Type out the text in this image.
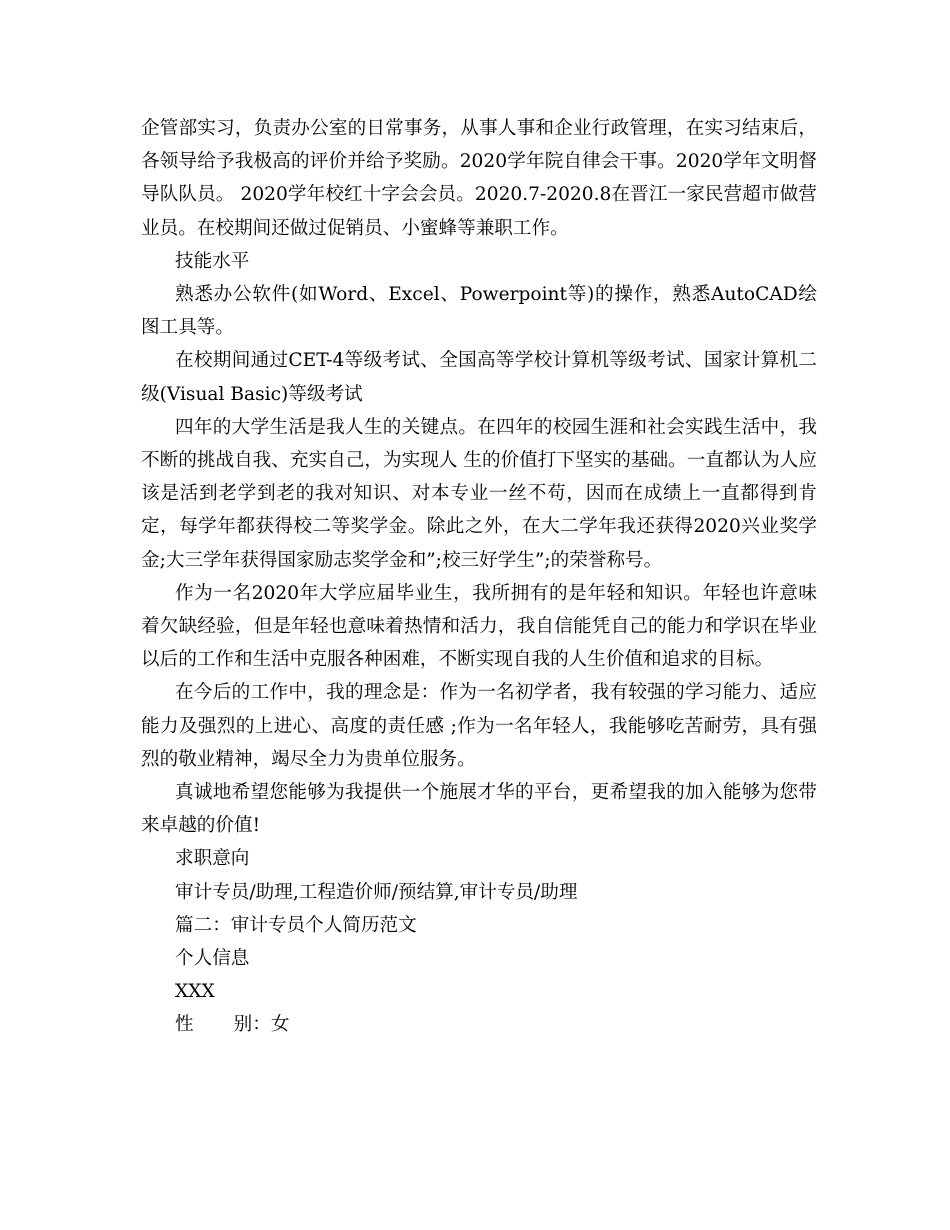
企管部实习，负责办公室的日常事务，从事人事和企业行政管理，在实习结束后，各领导给予我极高的评价并给予奖励。2020学年院自律会干事。2020学年文明督导队队员。 2020学年校红十字会会员。2020.7-2020.8在晋江一家民营超市做营业员。在校期间还做过促销员、小蜜蜂等兼职工作。

技能水平

熟悉办公软件(如Word、Excel、Powerpoint等)的操作，熟悉AutoCAD绘图工具等。

在校期间通过CET-4等级考试、全国高等学校计算机等级考试、国家计算机二级(Visual Basic)等级考试

四年的大学生活是我人生的关键点。在四年的校园生涯和社会实践生活中，我不断的挑战自我、充实自己，为实现人 生的价值打下坚实的基础。一直都认为人应该是活到老学到老的我对知识、对本专业一丝不苟，因而在成绩上一直都得到肯定，每学年都获得校二等奖学金。除此之外，在大二学年我还获得2020兴业奖学金;大三学年获得国家励志奖学金和”;校三好学生”;的荣誉称号。

作为一名2020年大学应届毕业生，我所拥有的是年轻和知识。年轻也许意味着欠缺经验，但是年轻也意味着热情和活力，我自信能凭自己的能力和学识在毕业以后的工作和生活中克服各种困难，不断实现自我的人生价值和追求的目标。

在今后的工作中，我的理念是：作为一名初学者，我有较强的学习能力、适应能力及强烈的上进心、高度的责任感 ;作为一名年轻人，我能够吃苦耐劳，具有强烈的敬业精神，竭尽全力为贵单位服务。

真诚地希望您能够为我提供一个施展才华的平台，更希望我的加入能够为您带来卓越的价值!

求职意向

审计专员/助理,工程造价师/预结算,审计专员/助理

篇二：审计专员个人简历范文

个人信息

XXX

性 别：女
